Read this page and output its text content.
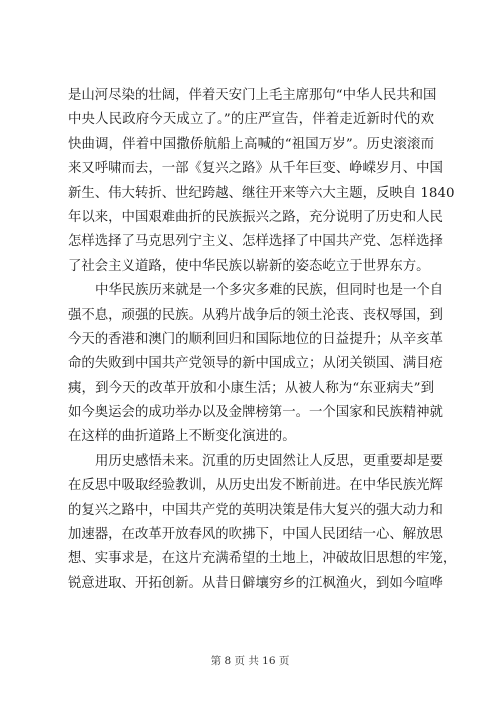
是山河尽染的壮阔，伴着天安门上毛主席那句“中华人民共和国
中央人民政府今天成立了。”的庄严宣告，伴着走近新时代的欢
快曲调，伴着中国撒侨航船上高喊的“祖国万岁”。历史滚滚而
来又呼啸而去，一部《复兴之路》从千年巨变、峥嵘岁月、中国
新生、伟大转折、世纪跨越、继往开来等六大主题，反映自 1840
年以来，中国艰难曲折的民族振兴之路，充分说明了历史和人民
怎样选择了马克思列宁主义、怎样选择了中国共产党、怎样选择
了社会主义道路，使中华民族以崭新的姿态屹立于世界东方。
中华民族历来就是一个多灾多难的民族，但同时也是一个自
强不息，顽强的民族。从鸦片战争后的领土沦丧、丧权辱国，到
今天的香港和澳门的顺利回归和国际地位的日益提升；从辛亥革
命的失败到中国共产党领导的新中国成立；从闭关锁国、满目疮
痍，到今天的改革开放和小康生活；从被人称为“东亚病夫”到
如今奥运会的成功举办以及金牌榜第一。一个国家和民族精神就
在这样的曲折道路上不断变化演进的。
用历史感悟未来。沉重的历史固然让人反思，更重要却是要
在反思中吸取经验教训，从历史出发不断前进。在中华民族光辉
的复兴之路中，中国共产党的英明决策是伟大复兴的强大动力和
加速器，在改革开放春风的吹拂下，中国人民团结一心、解放思
想、实事求是，在这片充满希望的土地上，冲破故旧思想的牢笼，
锐意进取、开拓创新。从昔日僻壤穷乡的江枫渔火，到如今喧哗
第 8 页 共 16 页
